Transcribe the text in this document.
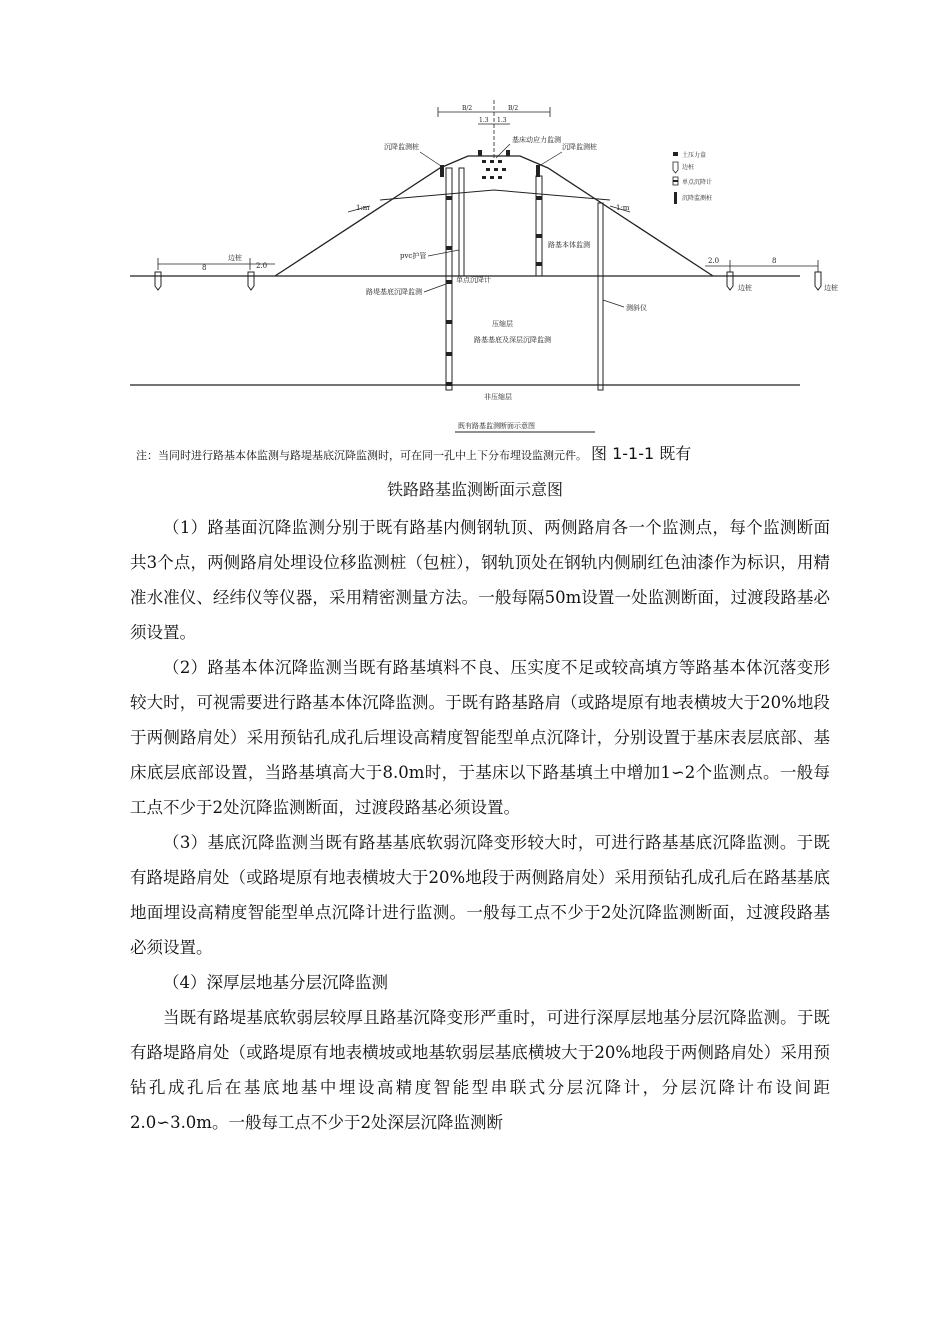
B/2	B/2
1.3 1.3
8	2.0
2.0	8
沉降监测桩
基床动应力监测
沉降监测桩
1:m	1:m
路基本体监测
pvc护管
单点沉降计
路堤基底沉降监测
测斜仪
压缩层
路基基底及深层沉降监测
非压缩层
既有路基监测断面示意图
边桩
边桩	边桩
土压力盒
边桩
单点沉降计
沉降监测桩
注：当同时进行路基本体监测与路堤基底沉降监测时，可在同一孔中上下分布埋设监测元件。 图 1-1-1 既有
铁路路基监测断面示意图

（1）路基面沉降监测分别于既有路基内侧钢轨顶、两侧路肩各一个监测点，每个监测断面共3个点，两侧路肩处埋设位移监测桩（包桩），钢轨顶处在钢轨内侧刷红色油漆作为标识，用精准水准仪、经纬仪等仪器，采用精密测量方法。一般每隔50m设置一处监测断面，过渡段路基必须设置。

（2）路基本体沉降监测当既有路基填料不良、压实度不足或较高填方等路基本体沉落变形较大时，可视需要进行路基本体沉降监测。于既有路基路肩（或路堤原有地表横坡大于20%地段于两侧路肩处）采用预钻孔成孔后埋设高精度智能型单点沉降计，分别设置于基床表层底部、基床底层底部设置，当路基填高大于8.0m时，于基床以下路基填土中增加1∽2个监测点。一般每工点不少于2处沉降监测断面，过渡段路基必须设置。

（3）基底沉降监测当既有路基基底软弱沉降变形较大时，可进行路基基底沉降监测。于既有路堤路肩处（或路堤原有地表横坡大于20%地段于两侧路肩处）采用预钻孔成孔后在路基基底地面埋设高精度智能型单点沉降计进行监测。一般每工点不少于2处沉降监测断面，过渡段路基必须设置。

（4）深厚层地基分层沉降监测

当既有路堤基底软弱层较厚且路基沉降变形严重时，可进行深厚层地基分层沉降监测。于既有路堤路肩处（或路堤原有地表横坡或地基软弱层基底横坡大于20%地段于两侧路肩处）采用预钻孔成孔后在基底地基中埋设高精度智能型串联式分层沉降计，分层沉降计布设间距2.0∽3.0m。一般每工点不少于2处深层沉降监测断
